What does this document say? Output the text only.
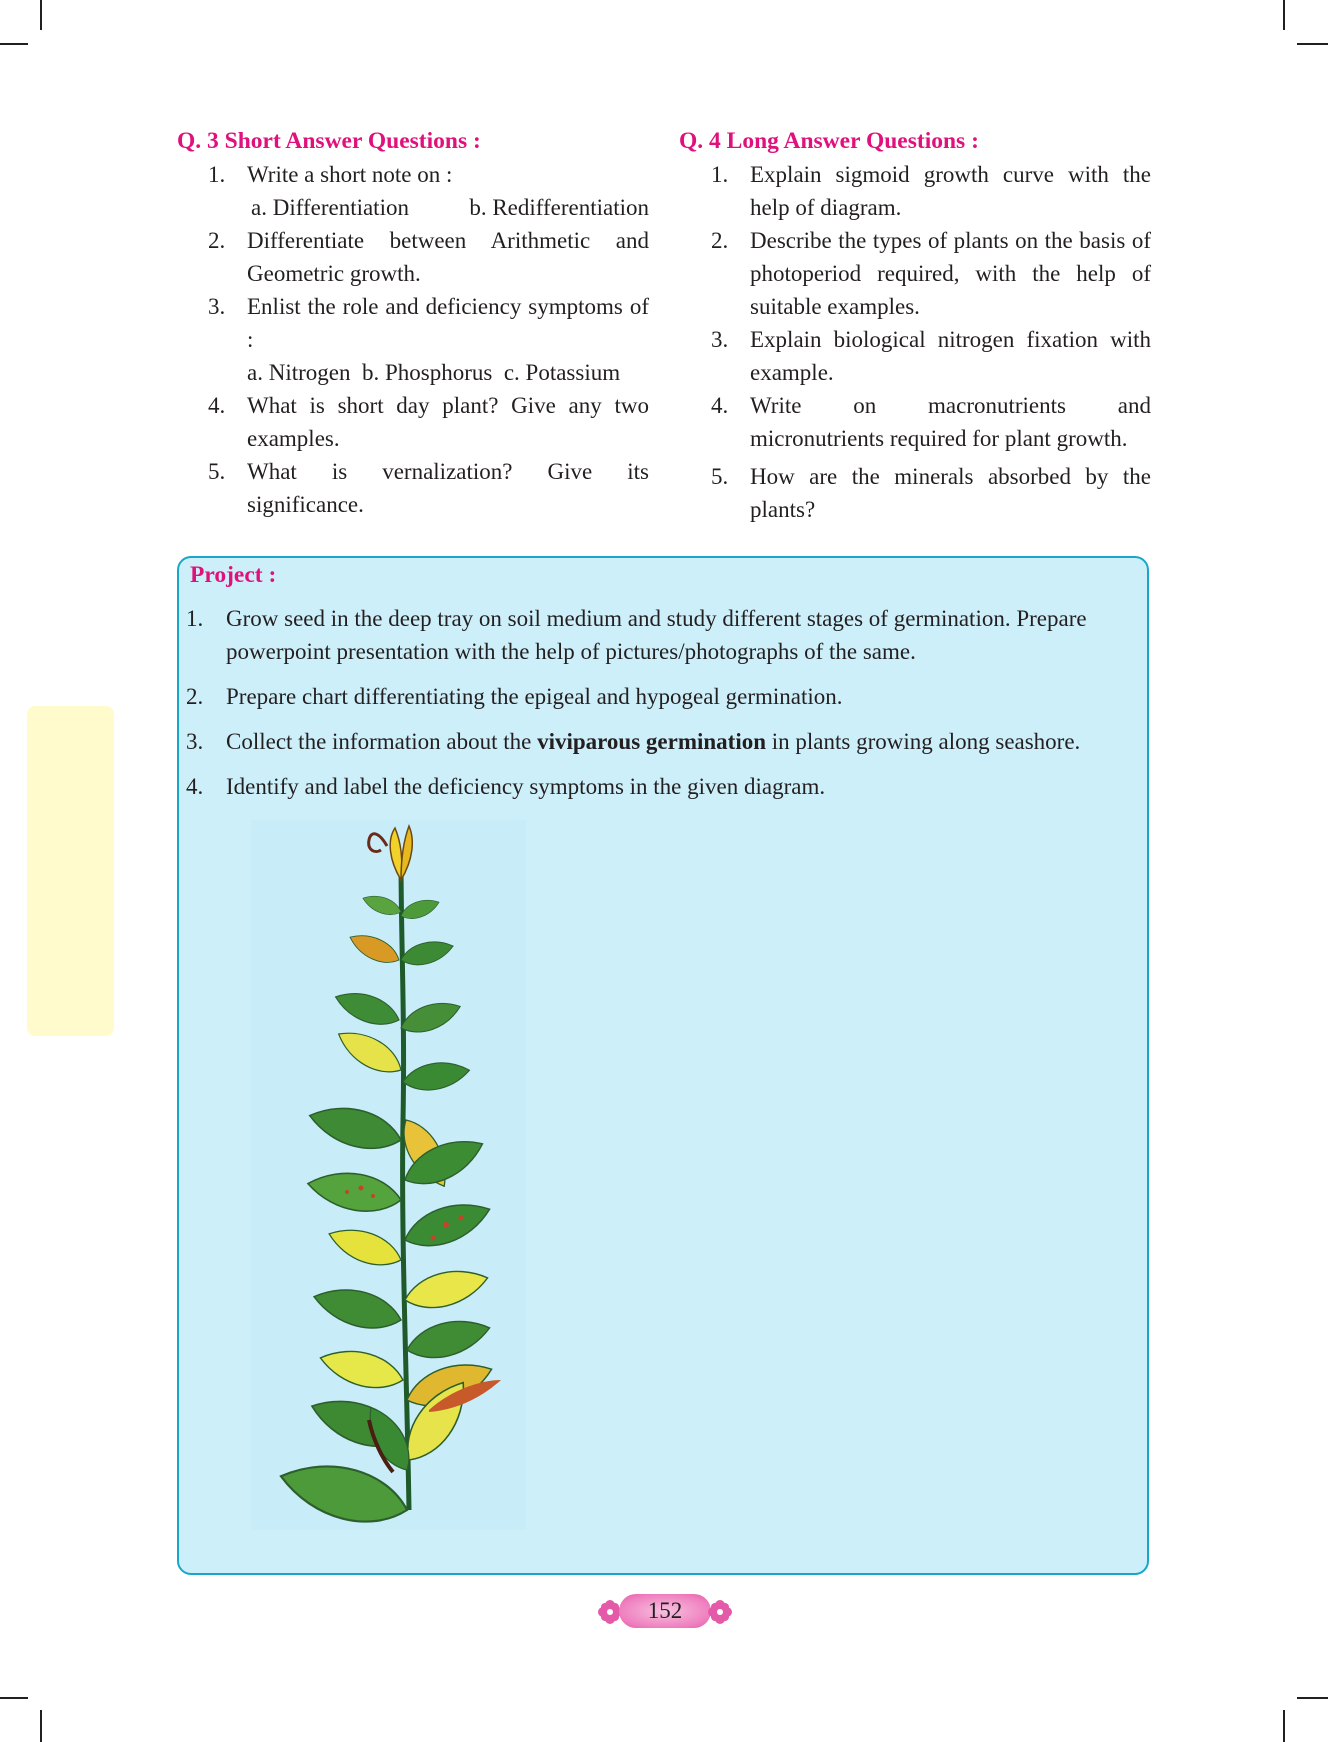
Q. 3 Short Answer Questions :
1. Write a short note on :
a. Differentiation	b. Redifferentiation
2. Differentiate between Arithmetic and Geometric growth.
3. Enlist the role and deficiency symptoms of :
a. Nitrogen  b. Phosphorus  c. Potassium
4. What is short day plant? Give any two examples.
5. What is vernalization? Give its significance.
Q. 4 Long Answer Questions :
1. Explain sigmoid growth curve with the help of diagram.
2. Describe the types of plants on the basis of photoperiod required, with the help of suitable examples.
3. Explain biological nitrogen fixation with example.
4. Write on macronutrients and micronutrients required for plant growth.
5. How are the minerals absorbed by the plants?
Project :
1. Grow seed in the deep tray on soil medium and study different stages of germination. Prepare powerpoint presentation with the help of pictures/photographs of the same.
2. Prepare chart differentiating the epigeal and hypogeal germination.
3. Collect the information about the viviparous germination in plants growing along seashore.
4. Identify and label the deficiency symptoms in the given diagram.
152
